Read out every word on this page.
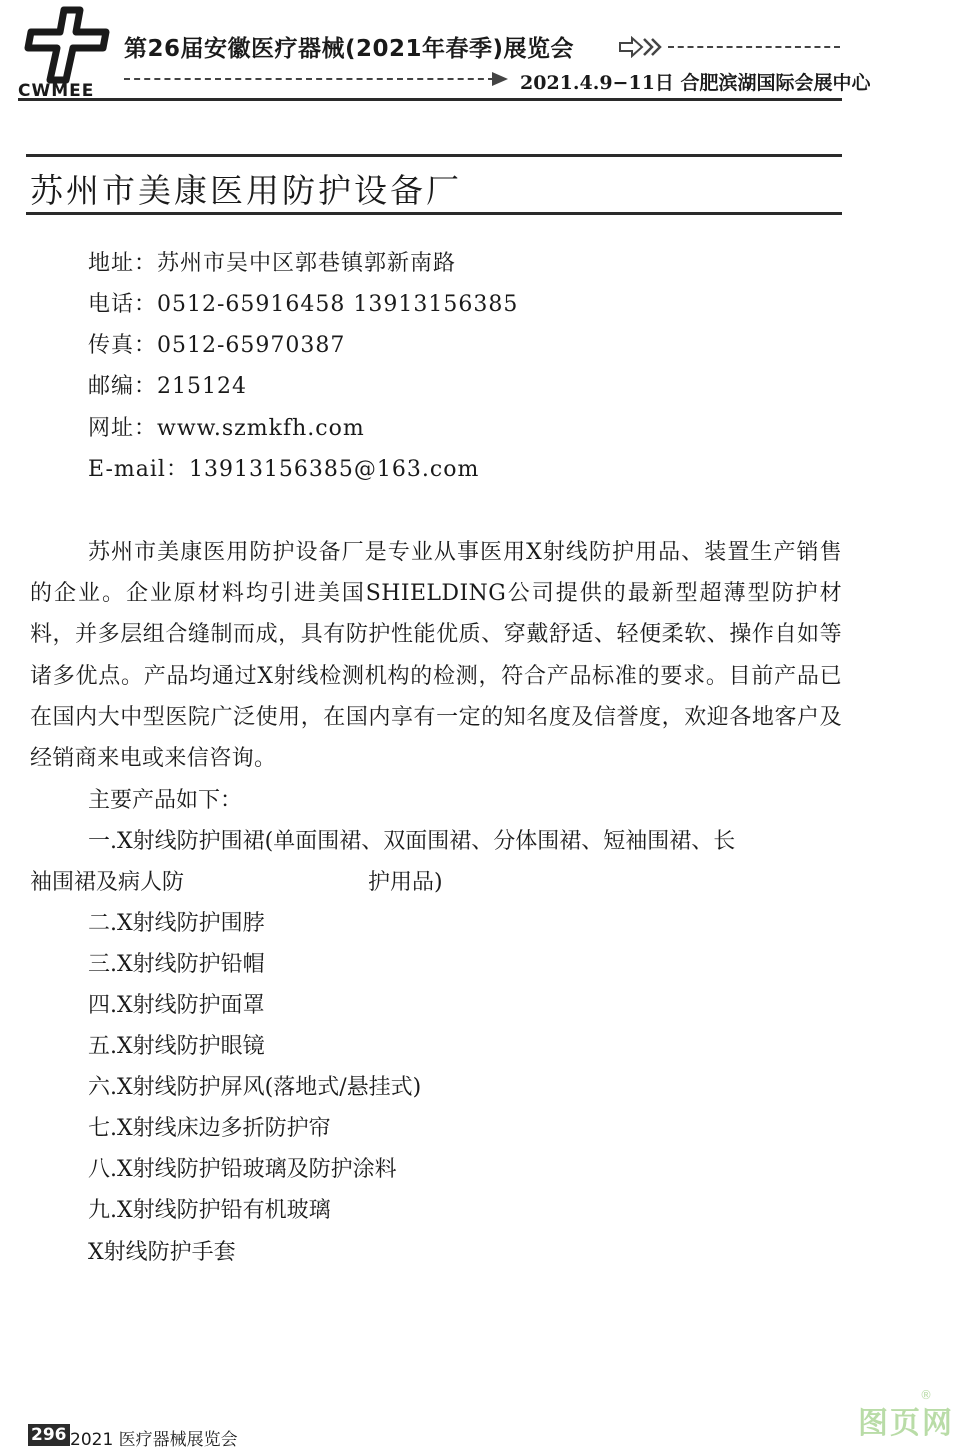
CWMEE
第26届安徽医疗器械(2021年春季)展览会
2021.4.9−11日 合肥滨湖国际会展中心
苏州市美康医用防护设备厂
地址：苏州市吴中区郭巷镇郭新南路
电话：0512-65916458 13913156385
传真：0512-65970387
邮编：215124
网址：www.szmkfh.com
E-mail：13913156385@163.com

苏州市美康医用防护设备厂是专业从事医用X射线防护用品、装置生产销售的企业。企业原材料均引进美国SHIELDING公司提供的最新型超薄型防护材料，并多层组合缝制而成，具有防护性能优质、穿戴舒适、轻便柔软、操作自如等诸多优点。产品均通过X射线检测机构的检测，符合产品标准的要求。目前产品已在国内大中型医院广泛使用，在国内享有一定的知名度及信誉度，欢迎各地客户及经销商来电或来信咨询。

主要产品如下：
一.X射线防护围裙(单面围裙、双面围裙、分体围裙、短袖围裙、长
袖围裙及病人防	护用品)
二.X射线防护围脖
三.X射线防护铅帽
四.X射线防护面罩
五.X射线防护眼镜
六.X射线防护屏风(落地式/悬挂式)
七.X射线床边多折防护帘
八.X射线防护铅玻璃及防护涂料
九.X射线防护铅有机玻璃
X射线防护手套
296 2021 医疗器械展览会	图页网
®
